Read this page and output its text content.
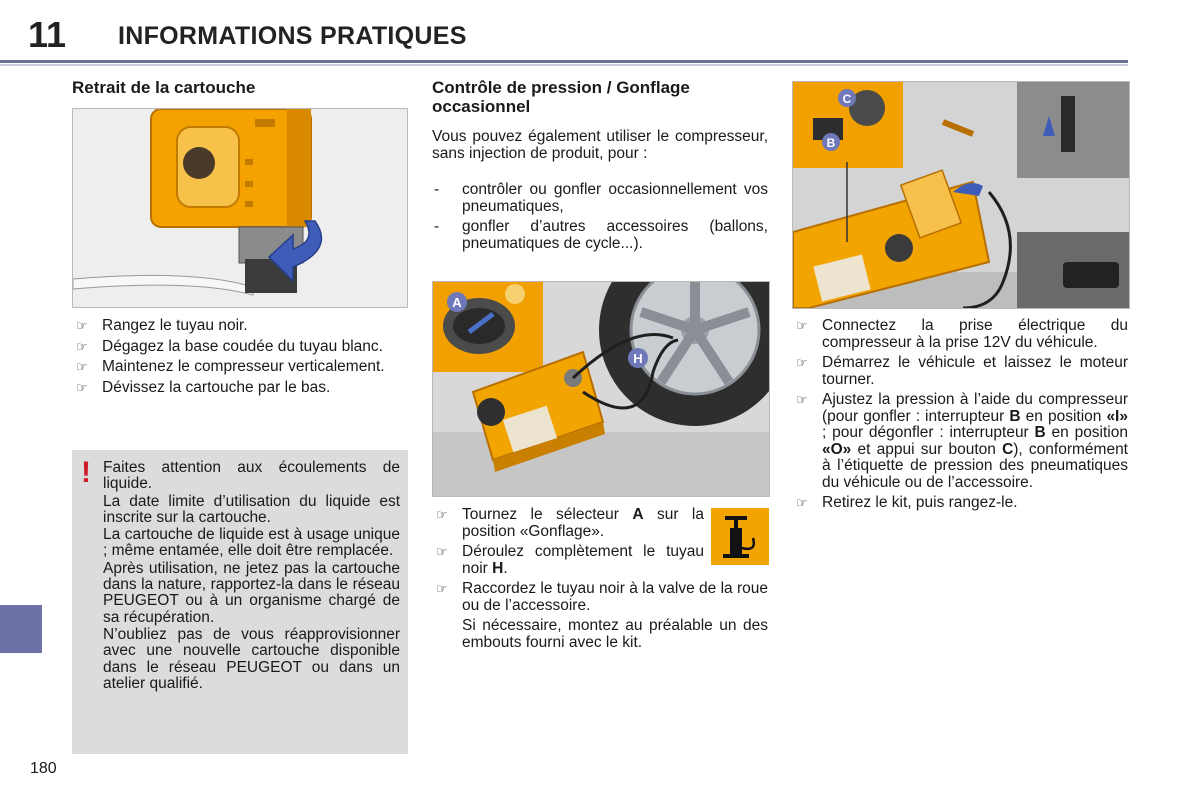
11 INFORMATIONS PRATIQUES
180
Retrait de la cartouche
☞ Rangez le tuyau noir.
☞ Dégagez la base coudée du tuyau blanc.
☞ Maintenez le compresseur verticalement.
☞ Dévissez la cartouche par le bas.
! Faites attention aux écoulements de liquide.

La date limite d’utilisation du liquide est inscrite sur la cartouche.

La cartouche de liquide est à usage unique ; même entamée, elle doit être remplacée.

Après utilisation, ne jetez pas la cartouche dans la nature, rapportez-la dans le réseau PEUGEOT ou à un organisme chargé de sa récupération.

N’oubliez pas de vous réapprovisionner avec une nouvelle cartouche disponible dans le réseau PEUGEOT ou dans un atelier qualifié.

Contrôle de pression / Gonflage occasionnel
Vous pouvez également utiliser le compresseur, sans injection de produit, pour :
- contrôler ou gonfler occasionnellement vos pneumatiques,
- gonfler d’autres accessoires (ballons, pneumatiques de cycle...).
A
H
☞ Tournez le sélecteur A sur la position «Gonflage».
☞ Déroulez complètement le tuyau noir H.
☞ Raccordez le tuyau noir à la valve de la roue ou de l’accessoire.
Si nécessaire, montez au préalable un des embouts fourni avec le kit.
C
B
☞ Connectez la prise électrique du compresseur à la prise 12V du véhicule.
☞ Démarrez le véhicule et laissez le moteur tourner.
☞ Ajustez la pression à l’aide du compresseur (pour gonfler : interrupteur B en position «I» ; pour dégonfler : interrupteur B en position «O» et appui sur bouton C), conformément à l’étiquette de pression des pneumatiques du véhicule ou de l’accessoire.
☞ Retirez le kit, puis rangez-le.
